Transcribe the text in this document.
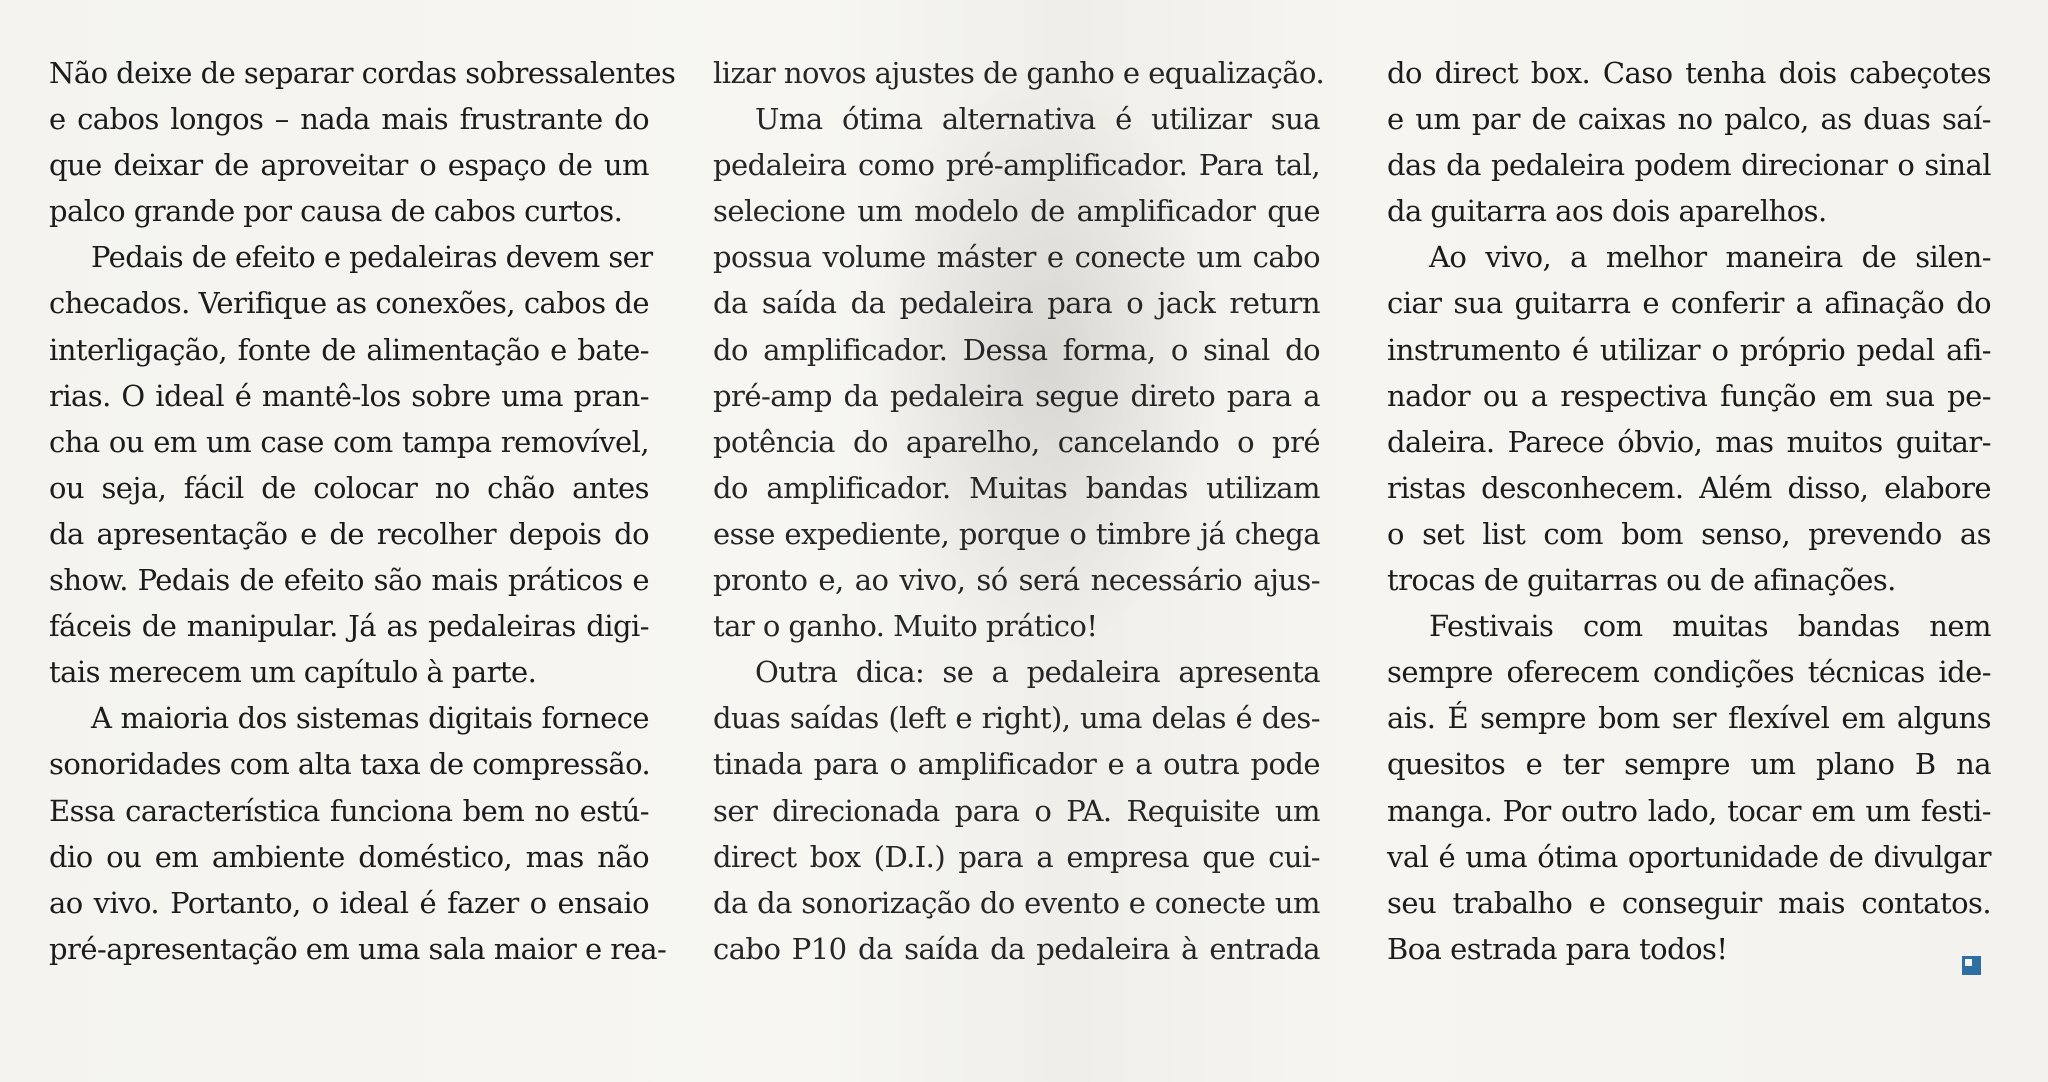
Não deixe de separar cordas sobressalentes
e cabos longos – nada mais frustrante do
que deixar de aproveitar o espaço de um
palco grande por causa de cabos curtos.
Pedais de efeito e pedaleiras devem ser
checados. Verifique as conexões, cabos de
interligação, fonte de alimentação e bate-
rias. O ideal é mantê-los sobre uma pran-
cha ou em um case com tampa removível,
ou seja, fácil de colocar no chão antes
da apresentação e de recolher depois do
show. Pedais de efeito são mais práticos e
fáceis de manipular. Já as pedaleiras digi-
tais merecem um capítulo à parte.
A maioria dos sistemas digitais fornece
sonoridades com alta taxa de compressão.
Essa característica funciona bem no estú-
dio ou em ambiente doméstico, mas não
ao vivo. Portanto, o ideal é fazer o ensaio
pré-apresentação em uma sala maior e rea-
lizar novos ajustes de ganho e equalização.
Uma ótima alternativa é utilizar sua
pedaleira como pré-amplificador. Para tal,
selecione um modelo de amplificador que
possua volume máster e conecte um cabo
da saída da pedaleira para o jack return
do amplificador. Dessa forma, o sinal do
pré-amp da pedaleira segue direto para a
potência do aparelho, cancelando o pré
do amplificador. Muitas bandas utilizam
esse expediente, porque o timbre já chega
pronto e, ao vivo, só será necessário ajus-
tar o ganho. Muito prático!
Outra dica: se a pedaleira apresenta
duas saídas (left e right), uma delas é des-
tinada para o amplificador e a outra pode
ser direcionada para o PA. Requisite um
direct box (D.I.) para a empresa que cui-
da da sonorização do evento e conecte um
cabo P10 da saída da pedaleira à entrada
do direct box. Caso tenha dois cabeçotes
e um par de caixas no palco, as duas saí-
das da pedaleira podem direcionar o sinal
da guitarra aos dois aparelhos.
Ao vivo, a melhor maneira de silen-
ciar sua guitarra e conferir a afinação do
instrumento é utilizar o próprio pedal afi-
nador ou a respectiva função em sua pe-
daleira. Parece óbvio, mas muitos guitar-
ristas desconhecem. Além disso, elabore
o set list com bom senso, prevendo as
trocas de guitarras ou de afinações.
Festivais com muitas bandas nem
sempre oferecem condições técnicas ide-
ais. É sempre bom ser flexível em alguns
quesitos e ter sempre um plano B na
manga. Por outro lado, tocar em um festi-
val é uma ótima oportunidade de divulgar
seu trabalho e conseguir mais contatos.
Boa estrada para todos!
